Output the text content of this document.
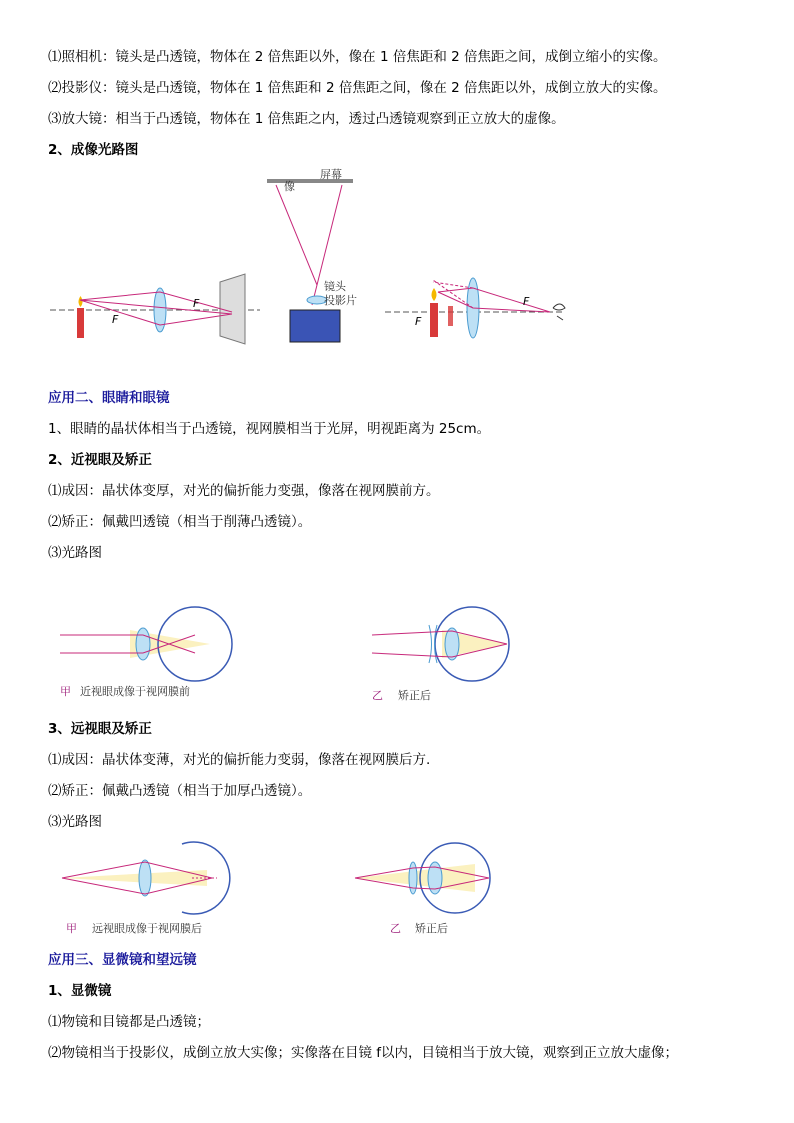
⑴照相机：镜头是凸透镜，物体在 2 倍焦距以外，像在 1 倍焦距和 2 倍焦距之间，成倒立缩小的实像。
⑵投影仪：镜头是凸透镜，物体在 1 倍焦距和 2 倍焦距之间，像在 2 倍焦距以外，成倒立放大的实像。
⑶放大镜：相当于凸透镜，物体在 1 倍焦距之内，透过凸透镜观察到正立放大的虚像。
2、成像光路图
F
F
屏幕
像
镜头
投影片
F
F
应用二、眼睛和眼镜
1、眼睛的晶状体相当于凸透镜，视网膜相当于光屏，明视距离为 25cm。
2、近视眼及矫正
⑴成因：晶状体变厚，对光的偏折能力变强，像落在视网膜前方。
⑵矫正：佩戴凹透镜（相当于削薄凸透镜）。
⑶光路图
甲 近视眼成像于视网膜前	乙 矫正后
3、远视眼及矫正
⑴成因：晶状体变薄，对光的偏折能力变弱，像落在视网膜后方.
⑵矫正：佩戴凸透镜（相当于加厚凸透镜）。
⑶光路图
甲 远视眼成像于视网膜后	乙 矫正后
应用三、显微镜和望远镜
1、显微镜
⑴物镜和目镜都是凸透镜；
⑵物镜相当于投影仪，成倒立放大实像；实像落在目镜 f以内，目镜相当于放大镜，观察到正立放大虚像；
